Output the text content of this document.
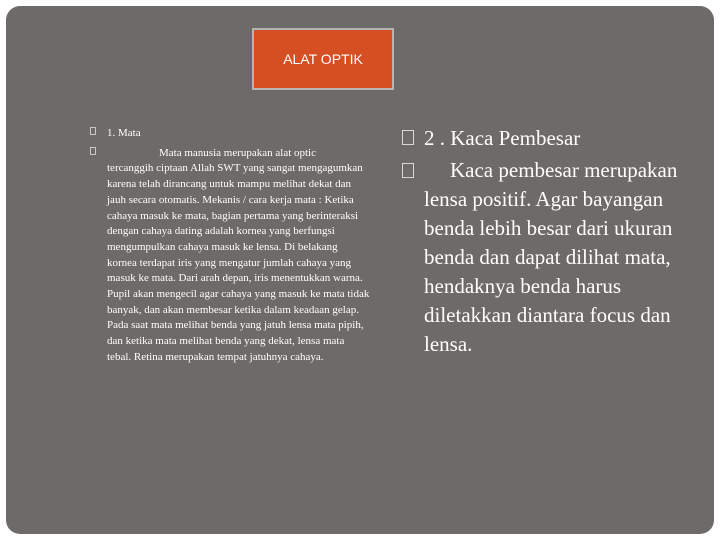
ALAT OPTIK
1. Mata
Mata manusia merupakan alat optic
tercanggih ciptaan Allah SWT yang sangat mengagumkan karena telah dirancang untuk mampu melihat dekat dan jauh secara otomatis. Mekanis / cara kerja mata : Ketika cahaya masuk ke mata, bagian pertama yang berinteraksi dengan cahaya dating adalah kornea yang berfungsi mengumpulkan cahaya masuk ke lensa. Di belakang kornea terdapat iris yang mengatur jumlah cahaya yang masuk ke mata. Dari arah depan, iris menentukkan warna. Pupil akan mengecil agar cahaya yang masuk ke mata tidak banyak, dan akan membesar ketika dalam keadaan gelap. Pada saat mata melihat benda yang jatuh lensa mata pipih, dan ketika mata melihat benda yang dekat, lensa mata tebal. Retina merupakan tempat jatuhnya cahaya.
2 . Kaca Pembesar
Kaca pembesar merupakan lensa positif. Agar bayangan benda lebih besar dari ukuran benda dan dapat dilihat mata, hendaknya benda harus diletakkan diantara focus dan lensa.
